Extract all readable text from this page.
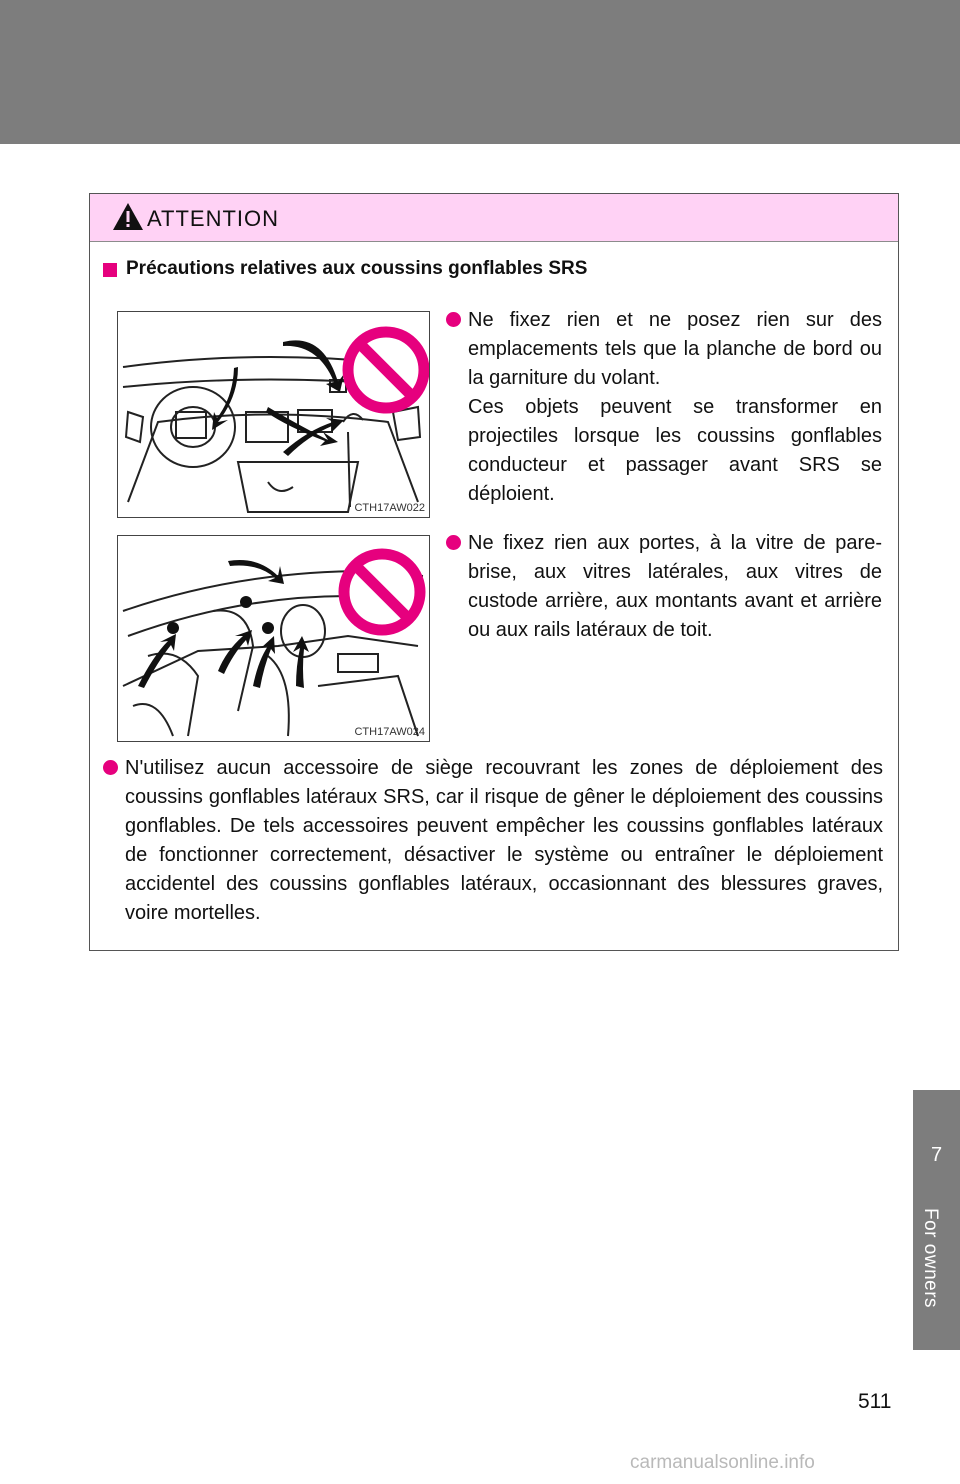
ATTENTION
Précautions relatives aux coussins gonflables SRS
CTH17AW022
CTH17AW024

Ne fixez rien et ne posez rien sur des emplacements tels que la planche de bord ou la garniture du volant.

Ces objets peuvent se transformer en projectiles lorsque les coussins gonflables conducteur et passager avant SRS se déploient.

Ne fixez rien aux portes, à la vitre de pare-brise, aux vitres latérales, aux vitres de custode arrière, aux montants avant et arrière ou aux rails latéraux de toit.

N'utilisez aucun accessoire de siège recouvrant les zones de déploiement des coussins gonflables latéraux SRS, car il risque de gêner le déploiement des coussins gonflables. De tels accessoires peuvent empêcher les coussins gonflables latéraux de fonctionner correctement, désactiver le système ou entraîner le déploiement accidentel des coussins gonflables latéraux, occasionnant des blessures graves, voire mortelles.

7
For owners
511
carmanualsonline.info
